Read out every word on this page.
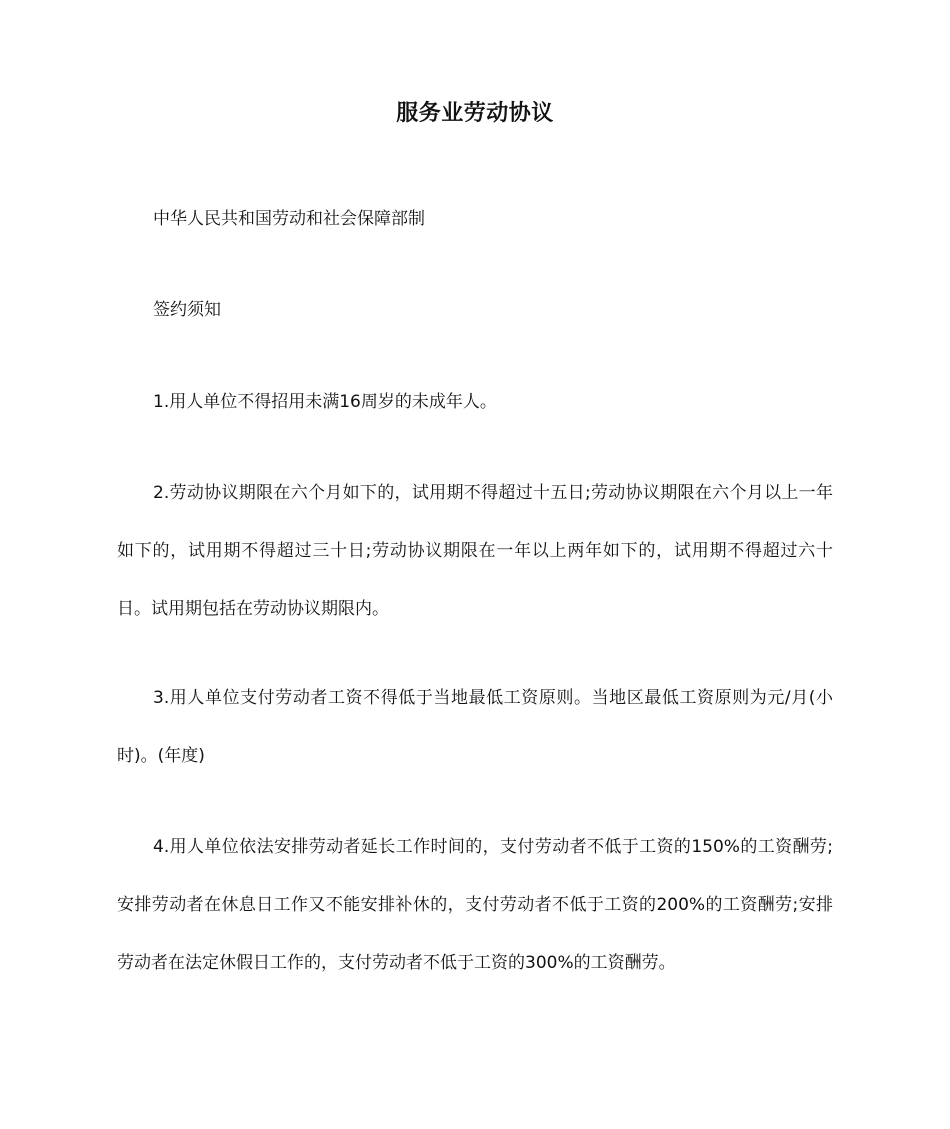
服务业劳动协议

中华人民共和国劳动和社会保障部制

签约须知

1.用人单位不得招用未满16周岁的未成年人。

2.劳动协议期限在六个月如下的，试用期不得超过十五日;劳动协议期限在六个月以上一年如下的，试用期不得超过三十日;劳动协议期限在一年以上两年如下的，试用期不得超过六十日。试用期包括在劳动协议期限内。

3.用人单位支付劳动者工资不得低于当地最低工资原则。当地区最低工资原则为元/月(小时)。(年度)

4.用人单位依法安排劳动者延长工作时间的，支付劳动者不低于工资的150%的工资酬劳;安排劳动者在休息日工作又不能安排补休的，支付劳动者不低于工资的200%的工资酬劳;安排劳动者在法定休假日工作的，支付劳动者不低于工资的300%的工资酬劳。
